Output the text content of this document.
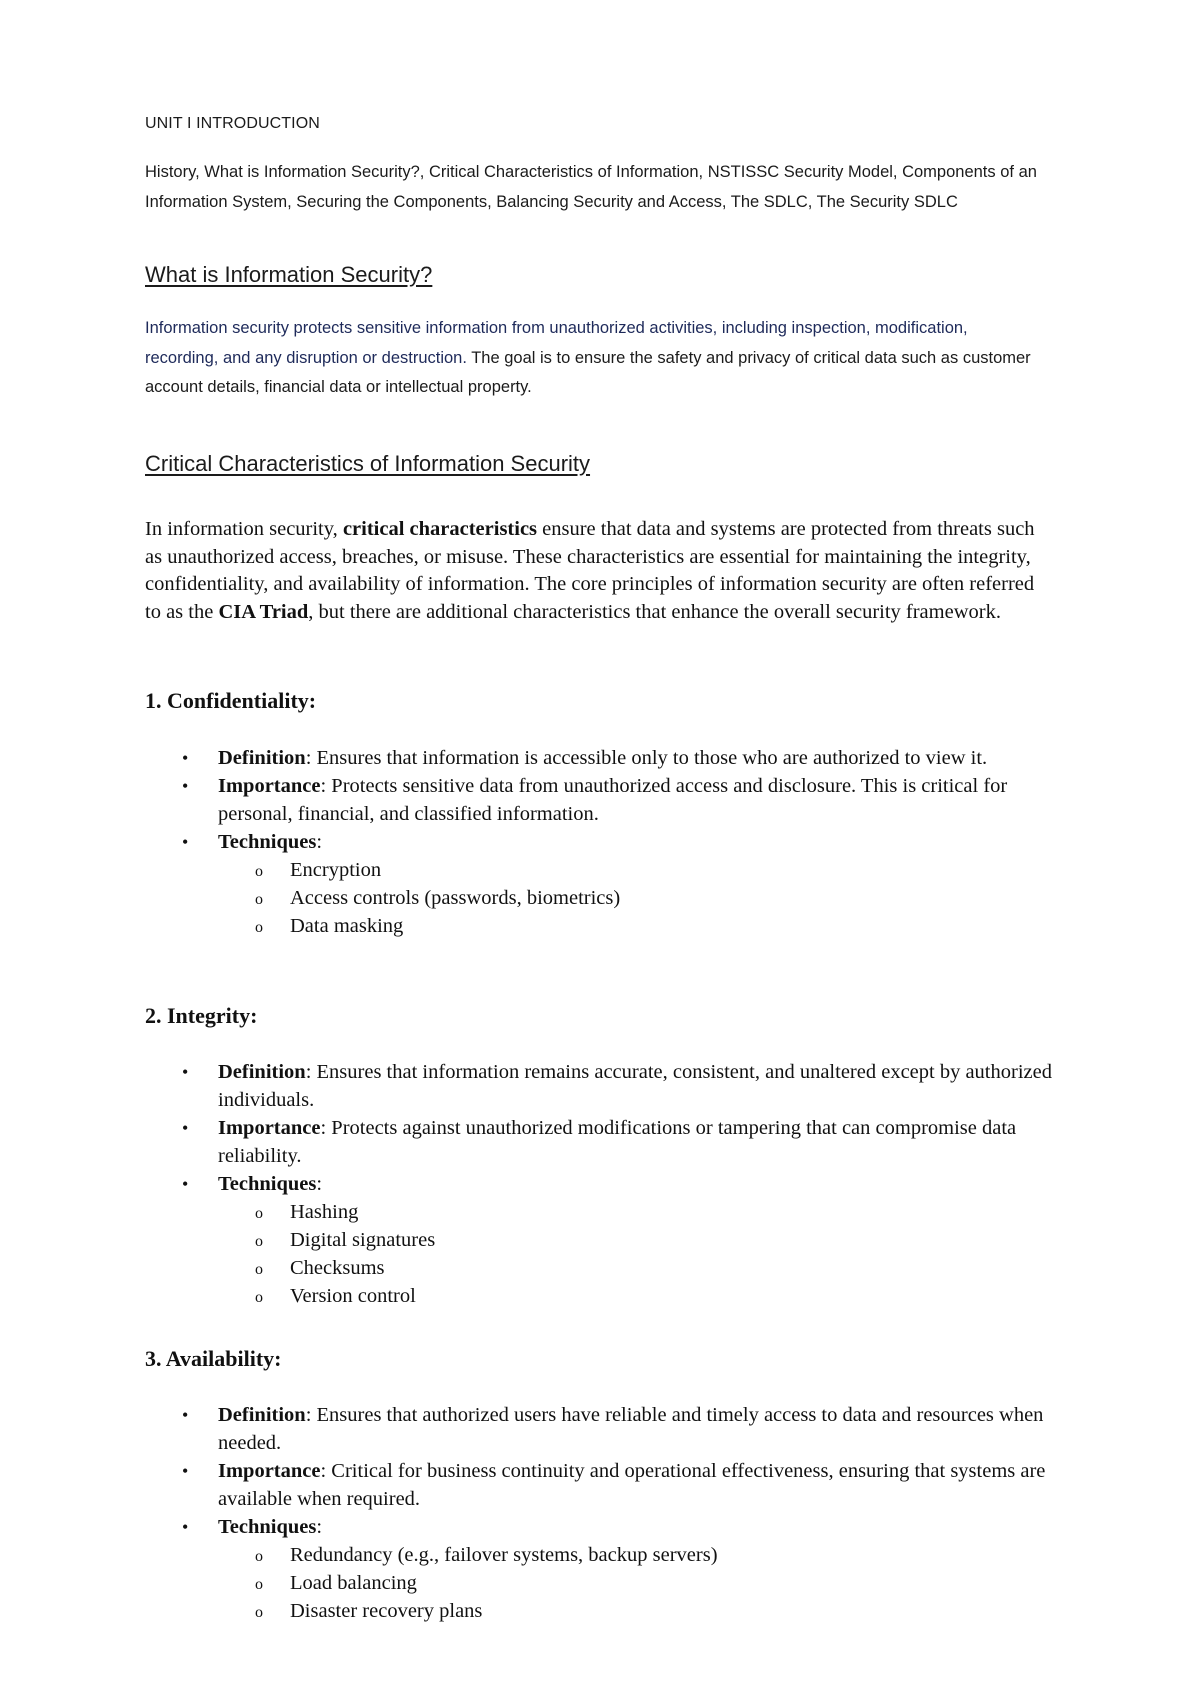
UNIT I INTRODUCTION
History, What is Information Security?, Critical Characteristics of Information, NSTISSC Security Model, Components of an Information System, Securing the Components, Balancing Security and Access, The SDLC, The Security SDLC
What is Information Security?
Information security protects sensitive information from unauthorized activities, including inspection, modification, recording, and any disruption or destruction. The goal is to ensure the safety and privacy of critical data such as customer account details, financial data or intellectual property.
Critical Characteristics of Information Security
In information security, critical characteristics ensure that data and systems are protected from threats such as unauthorized access, breaches, or misuse. These characteristics are essential for maintaining the integrity, confidentiality, and availability of information. The core principles of information security are often referred to as the CIA Triad, but there are additional characteristics that enhance the overall security framework.
1. Confidentiality:
• Definition: Ensures that information is accessible only to those who are authorized to view it.
• Importance: Protects sensitive data from unauthorized access and disclosure. This is critical for personal, financial, and classified information.
• Techniques:
o Encryption
o Access controls (passwords, biometrics)
o Data masking
2. Integrity:
• Definition: Ensures that information remains accurate, consistent, and unaltered except by authorized individuals.
• Importance: Protects against unauthorized modifications or tampering that can compromise data reliability.
• Techniques:
o Hashing
o Digital signatures
o Checksums
o Version control
3. Availability:
• Definition: Ensures that authorized users have reliable and timely access to data and resources when needed.
• Importance: Critical for business continuity and operational effectiveness, ensuring that systems are available when required.
• Techniques:
o Redundancy (e.g., failover systems, backup servers)
o Load balancing
o Disaster recovery plans
